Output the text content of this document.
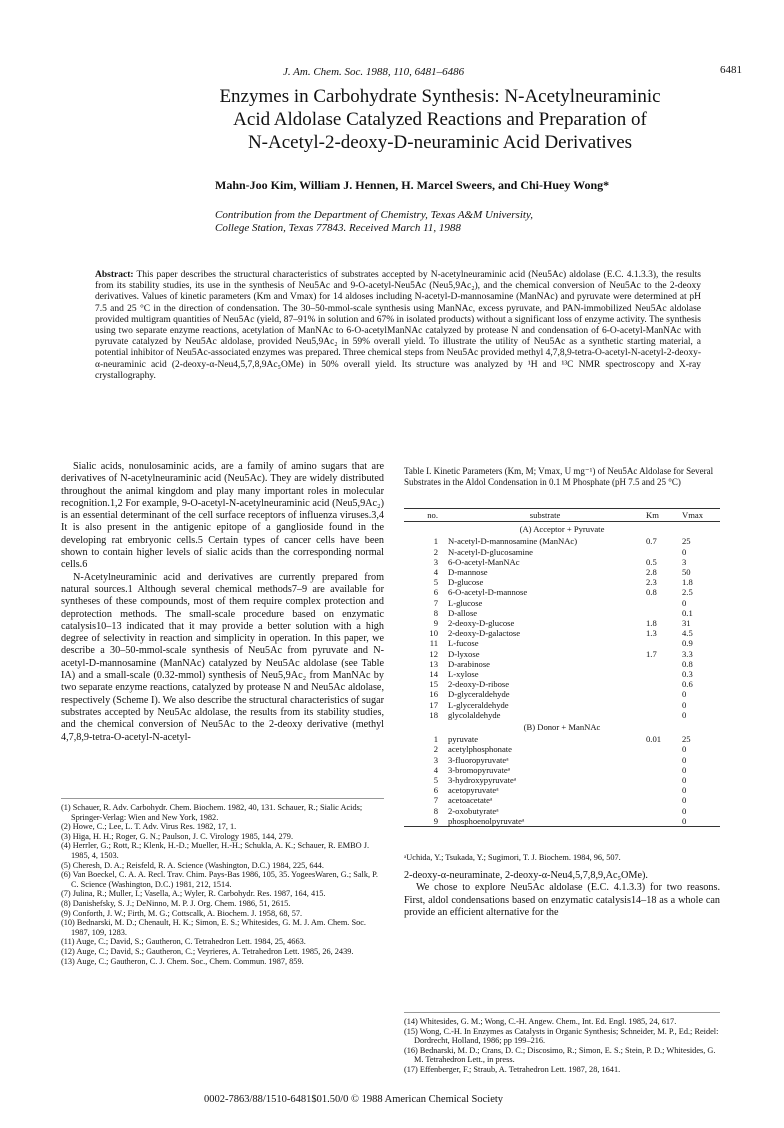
J. Am. Chem. Soc. 1988, 110, 6481–6486	6481
Enzymes in Carbohydrate Synthesis: N-Acetylneuraminic
Acid Aldolase Catalyzed Reactions and Preparation of
N-Acetyl-2-deoxy-D-neuraminic Acid Derivatives
Mahn-Joo Kim, William J. Hennen, H. Marcel Sweers, and Chi-Huey Wong*
Contribution from the Department of Chemistry, Texas A&M University,
College Station, Texas 77843. Received March 11, 1988
Abstract: This paper describes the structural characteristics of substrates accepted by N-acetylneuraminic acid (Neu5Ac) aldolase (E.C. 4.1.3.3), the results from its stability studies, its use in the synthesis of Neu5Ac and 9-O-acetyl-Neu5Ac (Neu5,9Ac₂), and the chemical conversion of Neu5Ac to the 2-deoxy derivatives. Values of kinetic parameters (Km and Vmax) for 14 aldoses including N-acetyl-D-mannosamine (ManNAc) and pyruvate were determined at pH 7.5 and 25 °C in the direction of condensation. The 30–50-mmol-scale synthesis using ManNAc, excess pyruvate, and PAN-immobilized Neu5Ac aldolase provided multigram quantities of Neu5Ac (yield, 87–91% in solution and 67% in isolated products) without a significant loss of enzyme activity. The synthesis using two separate enzyme reactions, acetylation of ManNAc to 6-O-acetylManNAc catalyzed by protease N and condensation of 6-O-acetyl-ManNAc with pyruvate catalyzed by Neu5Ac aldolase, provided Neu5,9Ac₂ in 59% overall yield. To illustrate the utility of Neu5Ac as a synthetic starting material, a potential inhibitor of Neu5Ac-associated enzymes was prepared. Three chemical steps from Neu5Ac provided methyl 4,7,8,9-tetra-O-acetyl-N-acetyl-2-deoxy-α-neuraminic acid (2-deoxy-α-Neu4,5,7,8,9Ac₅OMe) in 50% overall yield. Its structure was analyzed by ¹H and ¹³C NMR spectroscopy and X-ray crystallography.

Sialic acids, nonulosaminic acids, are a family of amino sugars that are derivatives of N-acetylneuraminic acid (Neu5Ac). They are widely distributed throughout the animal kingdom and play many important roles in molecular recognition.1,2 For example, 9-O-acetyl-N-acetylneuraminic acid (Neu5,9Ac₂) is an essential determinant of the cell surface receptors of influenza viruses.3,4 It is also present in the antigenic epitope of a ganglioside found in the developing rat embryonic cells.5 Certain types of cancer cells have been shown to contain higher levels of sialic acids than the corresponding normal cells.6

N-Acetylneuraminic acid and derivatives are currently prepared from natural sources.1 Although several chemical methods7–9 are available for syntheses of these compounds, most of them require complex protection and deprotection methods. The small-scale procedure based on enzymatic catalysis10–13 indicated that it may provide a better solution with a high degree of selectivity in reaction and simplicity in operation. In this paper, we describe a 30–50-mmol-scale synthesis of Neu5Ac from pyruvate and N-acetyl-D-mannosamine (ManNAc) catalyzed by Neu5Ac aldolase (see Table IA) and a small-scale (0.32-mmol) synthesis of Neu5,9Ac₂ from ManNAc by two separate enzyme reactions, catalyzed by protease N and Neu5Ac aldolase, respectively (Scheme I). We also describe the structural characteristics of sugar substrates accepted by Neu5Ac aldolase, the results from its stability studies, and the chemical conversion of Neu5Ac to the 2-deoxy derivative (methyl 4,7,8,9-tetra-O-acetyl-N-acetyl-

(1) Schauer, R. Adv. Carbohydr. Chem. Biochem. 1982, 40, 131. Schauer, R.; Sialic Acids; Springer-Verlag: Wien and New York, 1982.
(2) Howe, C.; Lee, L. T. Adv. Virus Res. 1982, 17, 1.
(3) Higa, H. H.; Roger, G. N.; Paulson, J. C. Virology 1985, 144, 279.
(4) Herrler, G.; Rott, R.; Klenk, H.-D.; Mueller, H.-H.; Schukla, A. K.; Schauer, R. EMBO J. 1985, 4, 1503.
(5) Cheresh, D. A.; Reisfeld, R. A. Science (Washington, D.C.) 1984, 225, 644.
(6) Van Boeckel, C. A. A. Recl. Trav. Chim. Pays-Bas 1986, 105, 35. YogeesWaren, G.; Salk, P. C. Science (Washington, D.C.) 1981, 212, 1514.
(7) Julina, R.; Muller, I.; Vasella, A.; Wyler, R. Carbohydr. Res. 1987, 164, 415.
(8) Danishefsky, S. J.; DeNinno, M. P. J. Org. Chem. 1986, 51, 2615.
(9) Conforth, J. W.; Firth, M. G.; Cottscalk, A. Biochem. J. 1958, 68, 57.
(10) Bednarski, M. D.; Chenault, H. K.; Simon, E. S.; Whitesides, G. M. J. Am. Chem. Soc. 1987, 109, 1283.
(11) Auge, C.; David, S.; Gautheron, C. Tetrahedron Lett. 1984, 25, 4663.
(12) Auge, C.; David, S.; Gautheron, C.; Veyrieres, A. Tetrahedron Lett. 1985, 26, 2439.
(13) Auge, C.; Gautheron, C. J. Chem. Soc., Chem. Commun. 1987, 859.
Table I. Kinetic Parameters (Km, M; Vmax, U mg⁻¹) of Neu5Ac Aldolase for Several Substrates in the Aldol Condensation in 0.1 M Phosphate (pH 7.5 and 25 °C)
no.	substrate	Km	Vmax
(A) Acceptor + Pyruvate			
1	N-acetyl-D-mannosamine (ManNAc)	0.7	25
2	N-acetyl-D-glucosamine		0
3	6-O-acetyl-ManNAc	0.5	3
4	D-mannose	2.8	50
5	D-glucose	2.3	1.8
6	6-O-acetyl-D-mannose	0.8	2.5
7	L-glucose		0
8	D-allose		0.1
9	2-deoxy-D-glucose	1.8	31
10	2-deoxy-D-galactose	1.3	4.5
11	L-fucose		0.9
12	D-lyxose	1.7	3.3
13	D-arabinose		0.8
14	L-xylose		0.3
15	2-deoxy-D-ribose		0.6
16	D-glyceraldehyde		0
17	L-glyceraldehyde		0
18	glycolaldehyde		0
(B) Donor + ManNAc			
1	pyruvate	0.01	25
2	acetylphosphonate		0
3	3-fluoropyruvateᵃ		0
4	3-bromopyruvateᵃ		0
5	3-hydroxypyruvateᵃ		0
6	acetopyruvateᵃ		0
7	acetoacetateᵃ		0
8	2-oxobutyrateᵃ		0
9	phosphoenolpyruvateᵃ		0
ᵃUchida, Y.; Tsukada, Y.; Sugimori, T. J. Biochem. 1984, 96, 507.

2-deoxy-α-neuraminate, 2-deoxy-α-Neu4,5,7,8,9,Ac₅OMe).

We chose to explore Neu5Ac aldolase (E.C. 4.1.3.3) for two reasons. First, aldol condensations based on enzymatic catalysis14–18 as a whole can provide an efficient alternative for the

(14) Whitesides, G. M.; Wong, C.-H. Angew. Chem., Int. Ed. Engl. 1985, 24, 617.
(15) Wong, C.-H. In Enzymes as Catalysts in Organic Synthesis; Schneider, M. P., Ed.; Reidel: Dordrecht, Holland, 1986; pp 199–216.
(16) Bednarski, M. D.; Crans, D. C.; Discosimo, R.; Simon, E. S.; Stein, P. D.; Whitesides, G. M. Tetrahedron Lett., in press.
(17) Effenberger, F.; Straub, A. Tetrahedron Lett. 1987, 28, 1641.
0002-7863/88/1510-6481$01.50/0 © 1988 American Chemical Society
